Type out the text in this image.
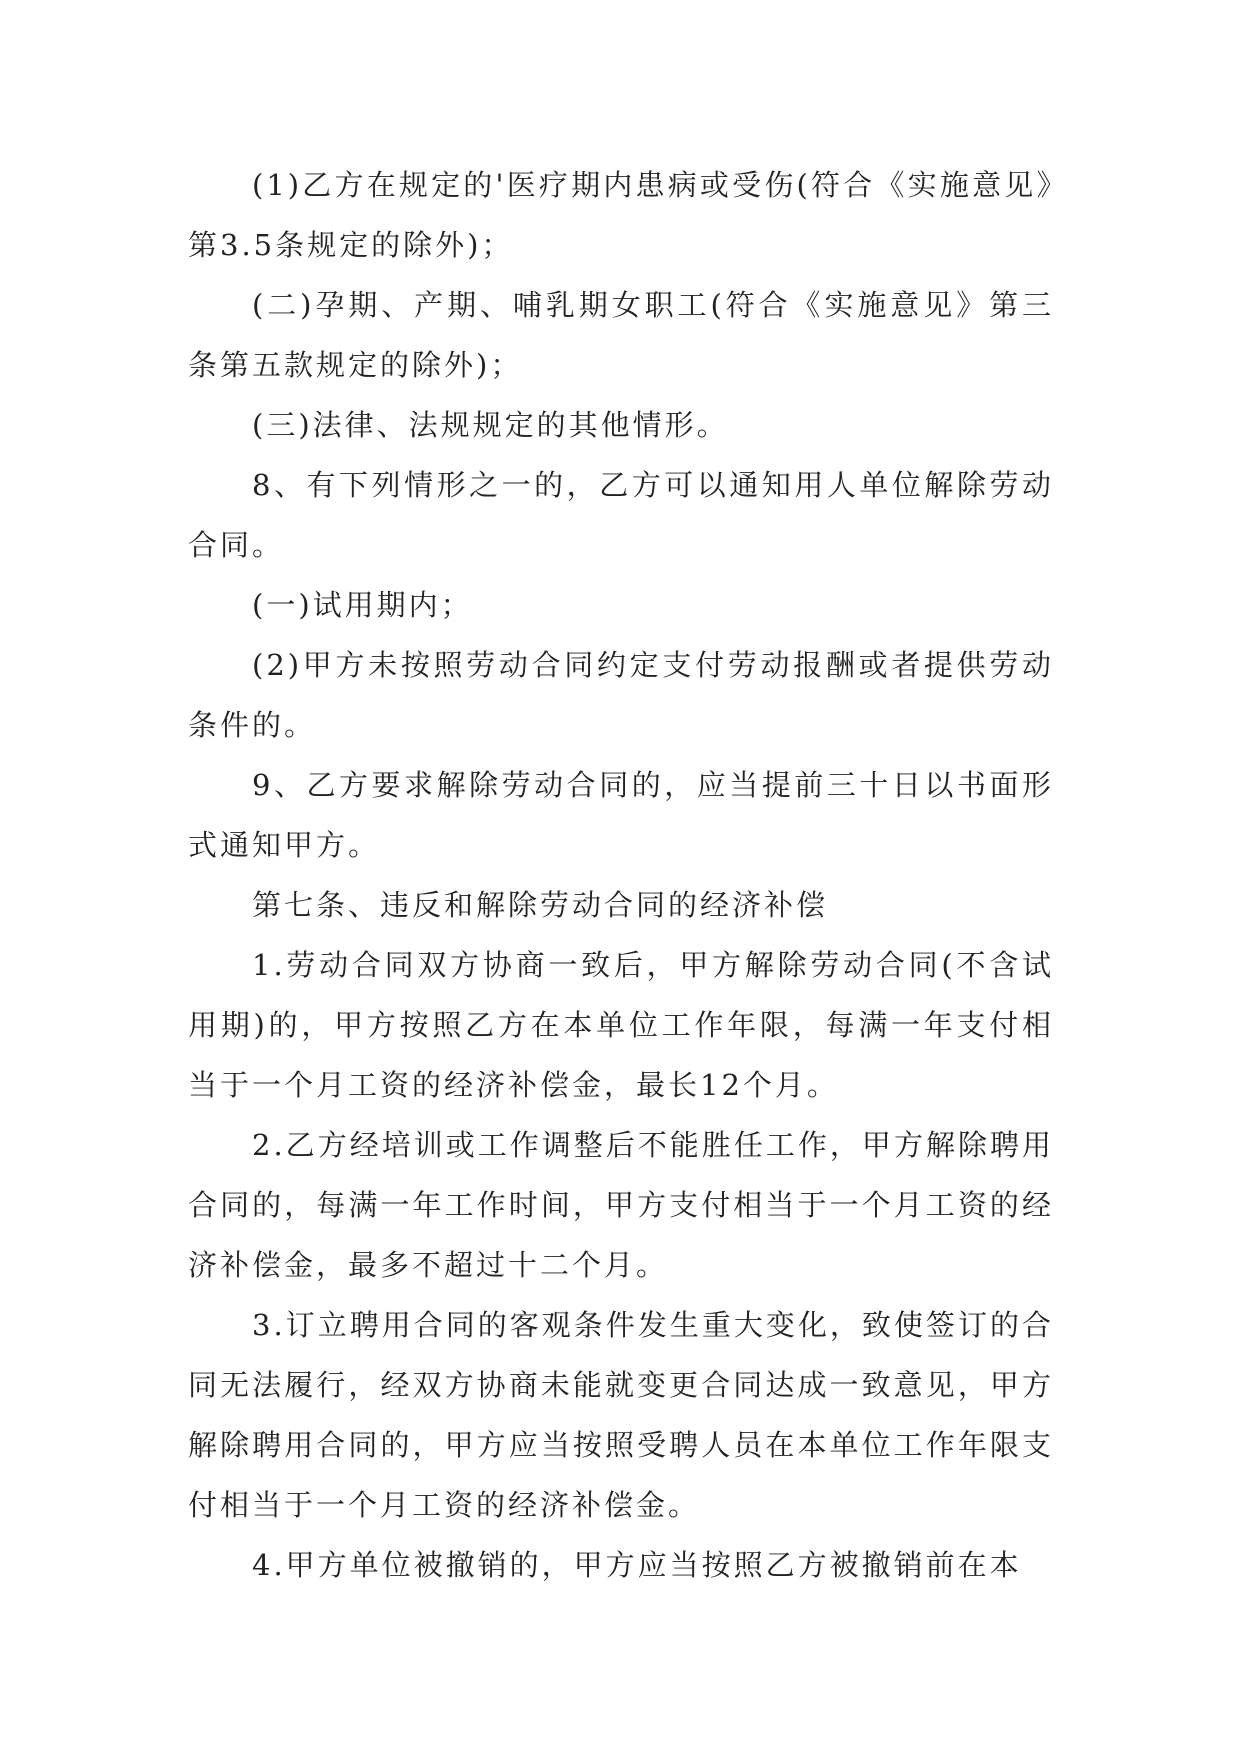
(1)乙方在规定的'医疗期内患病或受伤(符合《实施意见》第3.5条规定的除外)；

(二)孕期、产期、哺乳期女职工(符合《实施意见》第三条第五款规定的除外)；

(三)法律、法规规定的其他情形。

8、有下列情形之一的，乙方可以通知用人单位解除劳动合同。

(一)试用期内；

(2)甲方未按照劳动合同约定支付劳动报酬或者提供劳动条件的。

9、乙方要求解除劳动合同的，应当提前三十日以书面形式通知甲方。

第七条、违反和解除劳动合同的经济补偿

1.劳动合同双方协商一致后，甲方解除劳动合同(不含试用期)的，甲方按照乙方在本单位工作年限，每满一年支付相当于一个月工资的经济补偿金，最长12个月。

2.乙方经培训或工作调整后不能胜任工作，甲方解除聘用合同的，每满一年工作时间，甲方支付相当于一个月工资的经济补偿金，最多不超过十二个月。

3.订立聘用合同的客观条件发生重大变化，致使签订的合同无法履行，经双方协商未能就变更合同达成一致意见，甲方解除聘用合同的，甲方应当按照受聘人员在本单位工作年限支付相当于一个月工资的经济补偿金。

4.甲方单位被撤销的，甲方应当按照乙方被撤销前在本
